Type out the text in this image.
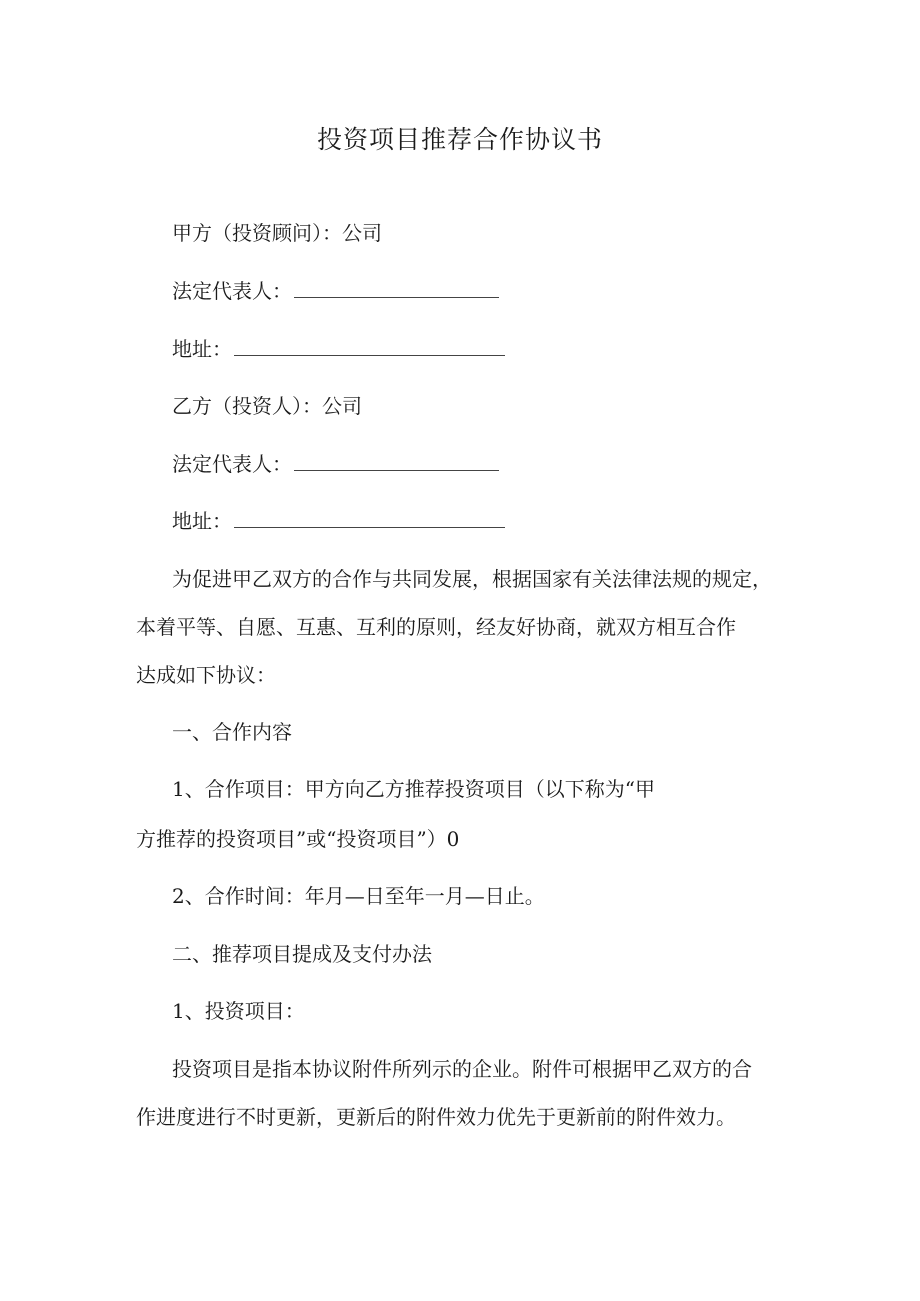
投资项目推荐合作协议书
甲方（投资顾问）：公司
法定代表人：
地址：
乙方（投资人）：公司
法定代表人：
地址：
为促进甲乙双方的合作与共同发展，根据国家有关法律法规的规定，
本着平等、自愿、互惠、互利的原则，经友好协商，就双方相互合作
达成如下协议：
一、合作内容
1、合作项目：甲方向乙方推荐投资项目（以下称为“甲
方推荐的投资项目”或“投资项目”）0
2、合作时间：年月—日至年一月—日止。
二、推荐项目提成及支付办法
1、投资项目：
投资项目是指本协议附件所列示的企业。附件可根据甲乙双方的合
作进度进行不时更新，更新后的附件效力优先于更新前的附件效力。
